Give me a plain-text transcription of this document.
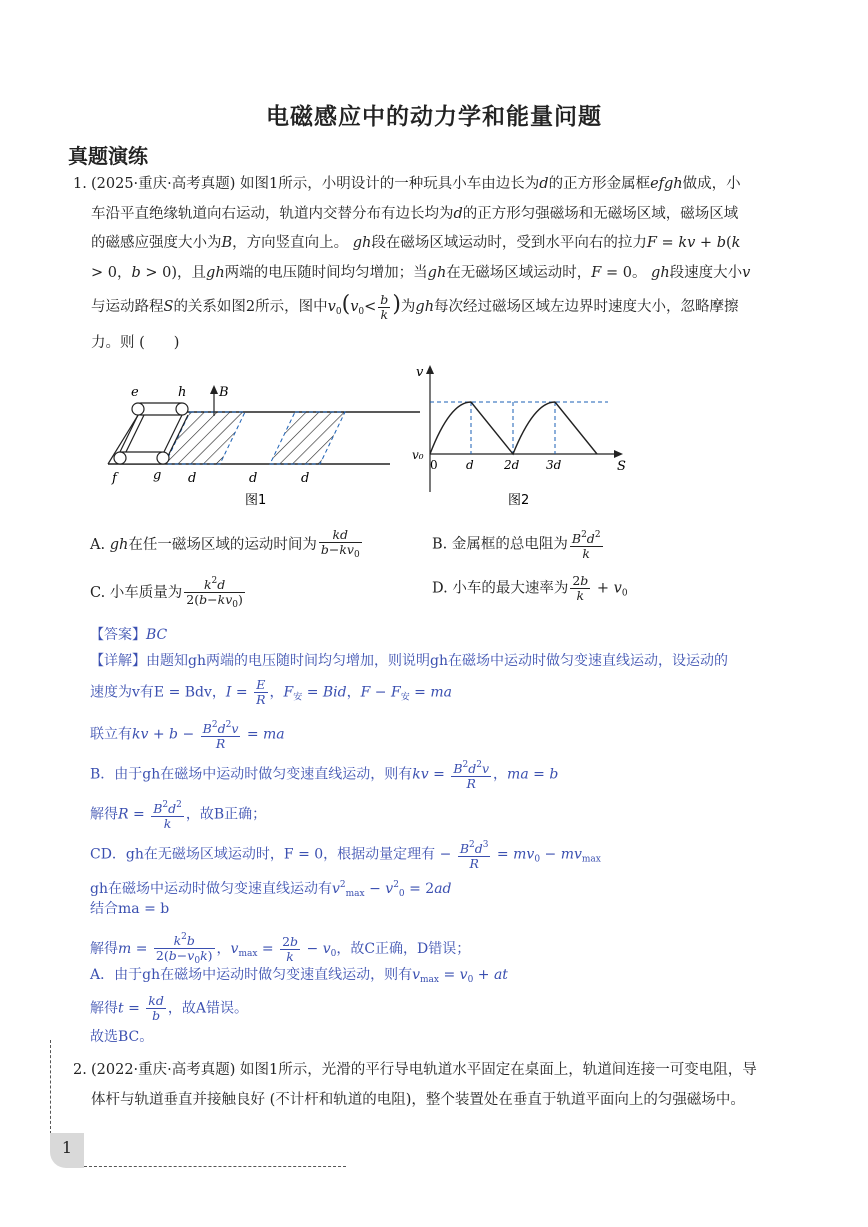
电磁感应中的动力学和能量问题
真题演练
1. (2025·重庆·高考真题) 如图1所示，小明设计的一种玩具小车由边长为d的正方形金属框efgh做成，小
车沿平直绝缘轨道向右运动，轨道内交替分布有边长均为d的正方形匀强磁场和无磁场区域，磁场区域
的磁感应强度大小为B，方向竖直向上。 gh段在磁场区域运动时，受到水平向右的拉力F = kv + b(k
> 0，b > 0)，且gh两端的电压随时间均匀增加；当gh在无磁场区域运动时，F = 0。 gh段速度大小v
与运动路程S的关系如图2所示，图中$v_0(v_0< \frac{b}{k}$ )为gh每次经过磁场区域左边界时速度大小，忽略摩擦
力。则 (　　)
e	h	B
f	g d	d	d
图1
v
v₀
0 d	2d 3d	S
图2
A. gh在任一磁场区域的运动时间为 $\frac{kd}{b-kv_0}$	B. 金属框的总电阻为 $\frac{B^2d^2}{k}$
C. 小车质量为 $\frac{k^2d}{2(b-kv_0)}$	D. 小车的最大速率为 $\frac{2b}{k} + v_0$
【答案】BC
【详解】由题知gh两端的电压随时间均匀增加，则说明gh在磁场中运动时做匀变速直线运动，设运动的
速度为v有E = Bdv，$I = \frac{E}{R}$ ，$F_安$ = Bid，$F - F_安$ = ma
联立有kv + $b - \frac{B^2d^2v}{R}$ = ma
B．由于gh在磁场中运动时做匀变速直线运动，则有kv = $\frac{B^2d^2v}{R}$ ，ma = b
解得$R = \frac{B^2d^2}{k}$ ，故B正确；
CD．gh在无磁场区域运动时，F = 0，根据动量定理有 − $\frac{B^2d^3}{R} = mv_0 - mv_{max}$
gh在磁场中运动时做匀变速直线运动有$v^2_{max} - v^2_0 = 2ad$
结合ma = b
解得$m = \frac{k^2b}{2(b-v_0k)}$ ，$v_{max} = \frac{2b}{k} - v_0$，故C正确，D错误；
A．由于gh在磁场中运动时做匀变速直线运动，则有$v_{max} = v_0$ + at
解得$t = \frac{kd}{b}$ ，故A错误。
故选BC。
2. (2022·重庆·高考真题) 如图1所示，光滑的平行导电轨道水平固定在桌面上，轨道间连接一可变电阻，导
体杆与轨道垂直并接触良好 (不计杆和轨道的电阻)，整个装置处在垂直于轨道平面向上的匀强磁场中。
1
